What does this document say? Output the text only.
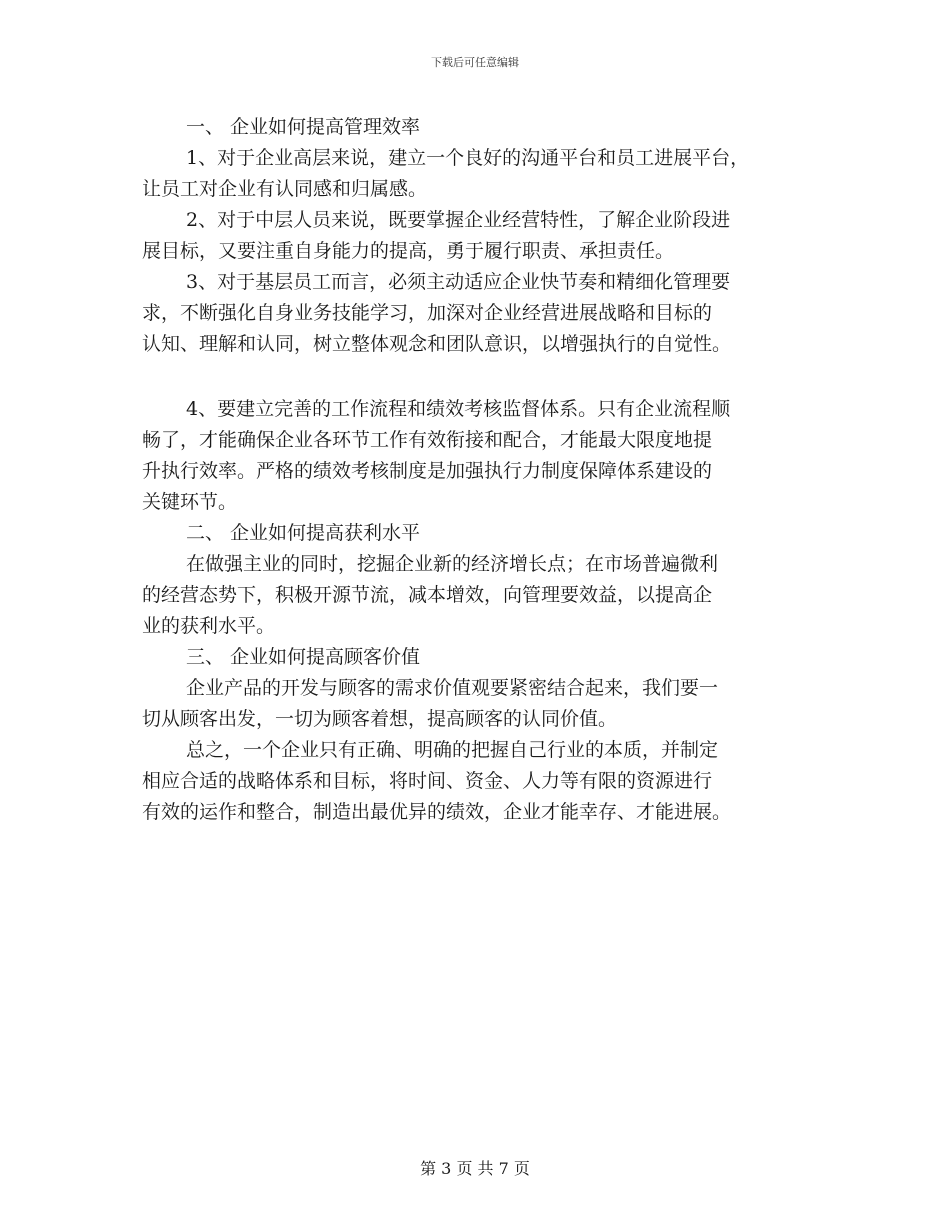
下载后可任意编辑
一、 企业如何提高管理效率
1、对于企业高层来说，建立一个良好的沟通平台和员工进展平台，
让员工对企业有认同感和归属感。
2、对于中层人员来说，既要掌握企业经营特性，了解企业阶段进
展目标，又要注重自身能力的提高，勇于履行职责、承担责任。
3、对于基层员工而言，必须主动适应企业快节奏和精细化管理要
求，不断强化自身业务技能学习，加深对企业经营进展战略和目标的
认知、理解和认同，树立整体观念和团队意识，以增强执行的自觉性。
4、要建立完善的工作流程和绩效考核监督体系。只有企业流程顺
畅了，才能确保企业各环节工作有效衔接和配合，才能最大限度地提
升执行效率。严格的绩效考核制度是加强执行力制度保障体系建设的
关键环节。
二、 企业如何提高获利水平
在做强主业的同时，挖掘企业新的经济增长点；在市场普遍微利
的经营态势下，积极开源节流，减本增效，向管理要效益，以提高企
业的获利水平。
三、 企业如何提高顾客价值
企业产品的开发与顾客的需求价值观要紧密结合起来，我们要一
切从顾客出发，一切为顾客着想，提高顾客的认同价值。
总之，一个企业只有正确、明确的把握自己行业的本质，并制定
相应合适的战略体系和目标，将时间、资金、人力等有限的资源进行
有效的运作和整合，制造出最优异的绩效，企业才能幸存、才能进展。
第 3 页 共 7 页
